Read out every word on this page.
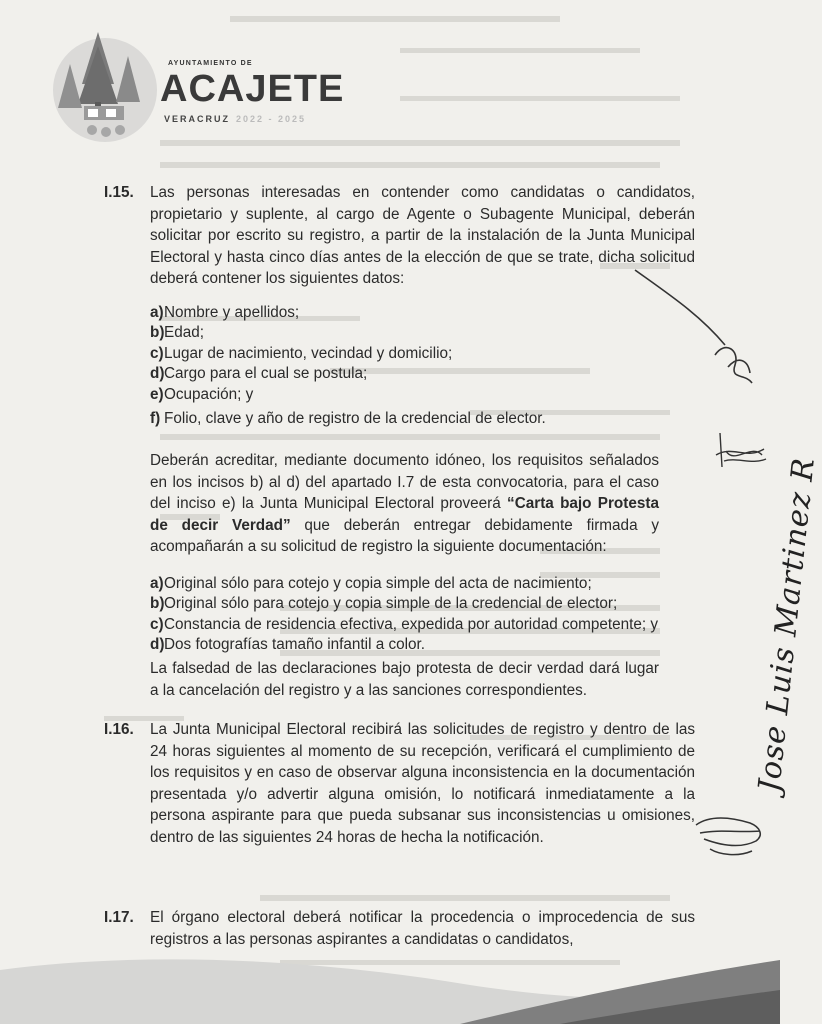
AYUNTAMIENTO DE
ACAJETE
VERACRUZ 2022 - 2025
I.15.	Las personas interesadas en contender como candidatas o candidatos, propietario y suplente, al cargo de Agente o Subagente Municipal, deberán solicitar por escrito su registro, a partir de la instalación de la Junta Municipal Electoral y hasta cinco días antes de la elección de que se trate, dicha solicitud deberá contener los siguientes datos:
a) Nombre y apellidos;
b) Edad;
c) Lugar de nacimiento, vecindad y domicilio;
d) Cargo para el cual se postula;
e) Ocupación; y
f) Folio, clave y año de registro de la credencial de elector.
Deberán acreditar, mediante documento idóneo, los requisitos señalados en los incisos b) al d) del apartado I.7 de esta convocatoria, para el caso del inciso e) la Junta Municipal Electoral proveerá “Carta bajo Protesta de decir Verdad” que deberán entregar debidamente firmada y acompañarán a su solicitud de registro la siguiente documentación:
a) Original sólo para cotejo y copia simple del acta de nacimiento;
b) Original sólo para cotejo y copia simple de la credencial de elector;
c) Constancia de residencia efectiva, expedida por autoridad competente; y
d) Dos fotografías tamaño infantil a color.
La falsedad de las declaraciones bajo protesta de decir verdad dará lugar a la cancelación del registro y a las sanciones correspondientes.
I.16.	La Junta Municipal Electoral recibirá las solicitudes de registro y dentro de las 24 horas siguientes al momento de su recepción, verificará el cumplimiento de los requisitos y en caso de observar alguna inconsistencia en la documentación presentada y/o advertir alguna omisión, lo notificará inmediatamente a la persona aspirante para que pueda subsanar sus inconsistencias u omisiones, dentro de las siguientes 24 horas de hecha la notificación.
I.17.	El órgano electoral deberá notificar la procedencia o improcedencia de sus registros a las personas aspirantes a candidatas o candidatos,
Jose Luis Martinez R
